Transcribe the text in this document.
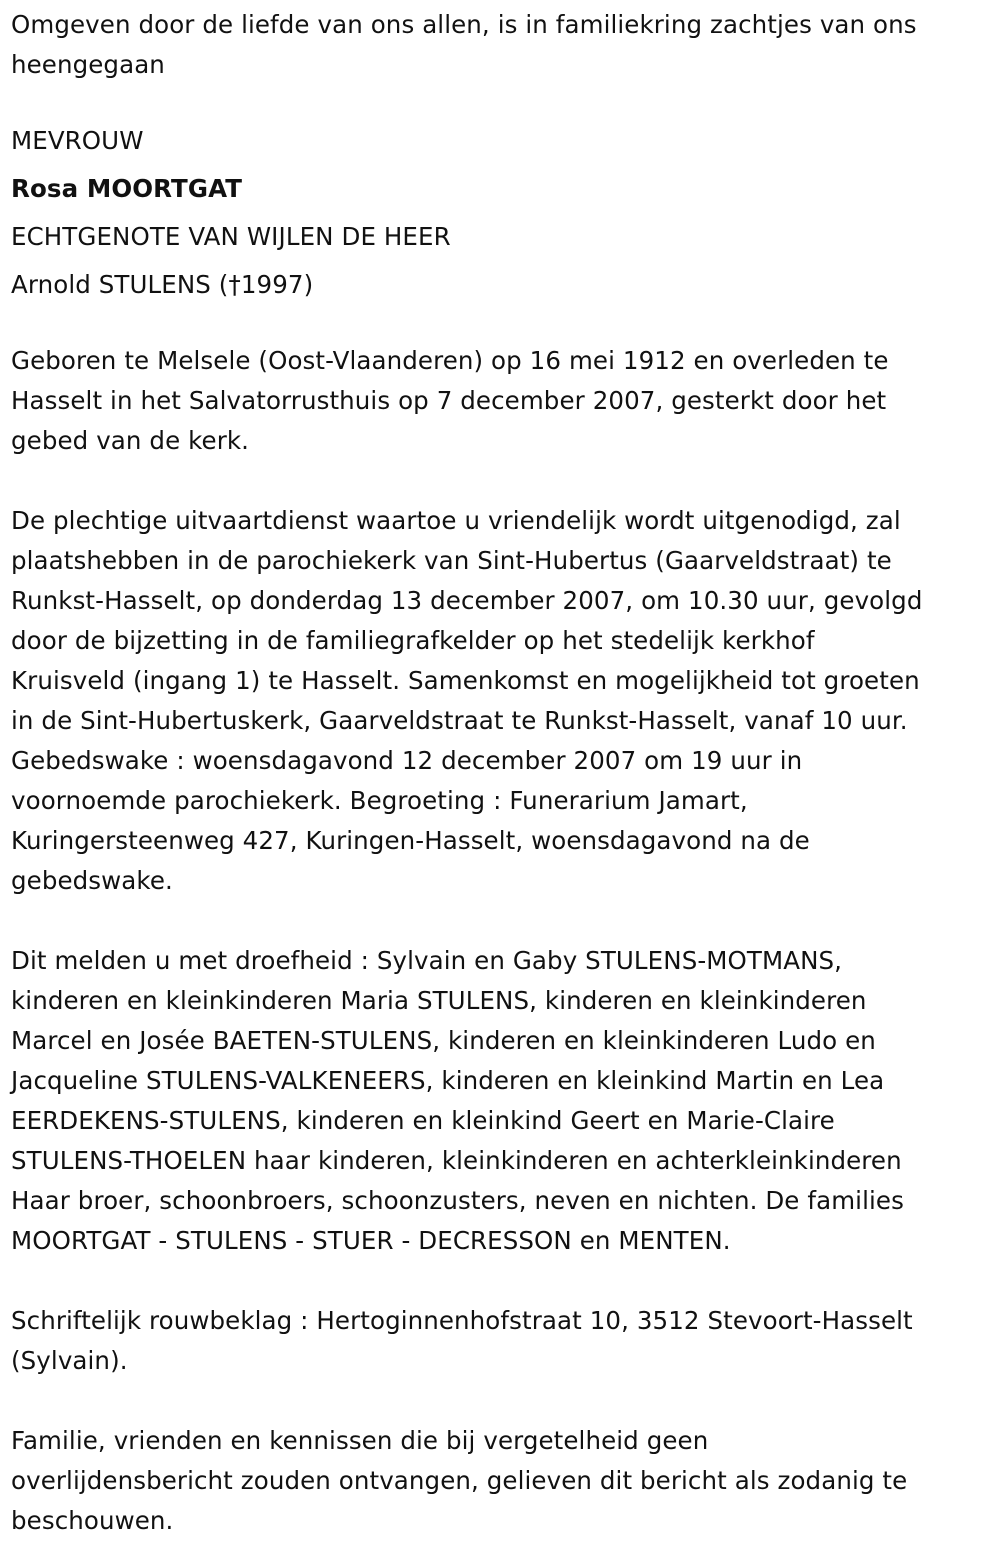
Omgeven door de liefde van ons allen, is in familiekring zachtjes van ons
heengegaan

MEVROUW

Rosa MOORTGAT

ECHTGENOTE VAN WIJLEN DE HEER

Arnold STULENS (†1997)

Geboren te Melsele (Oost-Vlaanderen) op 16 mei 1912 en overleden te
Hasselt in het Salvatorrusthuis op 7 december 2007, gesterkt door het
gebed van de kerk.

De plechtige uitvaartdienst waartoe u vriendelijk wordt uitgenodigd, zal
plaatshebben in de parochiekerk van Sint-Hubertus (Gaarveldstraat) te
Runkst-Hasselt, op donderdag 13 december 2007, om 10.30 uur, gevolgd
door de bijzetting in de familiegrafkelder op het stedelijk kerkhof
Kruisveld (ingang 1) te Hasselt. Samenkomst en mogelijkheid tot groeten
in de Sint-Hubertuskerk, Gaarveldstraat te Runkst-Hasselt, vanaf 10 uur.
Gebedswake : woensdagavond 12 december 2007 om 19 uur in
voornoemde parochiekerk. Begroeting : Funerarium Jamart,
Kuringersteenweg 427, Kuringen-Hasselt, woensdagavond na de
gebedswake.

Dit melden u met droefheid : Sylvain en Gaby STULENS-MOTMANS,
kinderen en kleinkinderen Maria STULENS, kinderen en kleinkinderen
Marcel en Josée BAETEN-STULENS, kinderen en kleinkinderen Ludo en
Jacqueline STULENS-VALKENEERS, kinderen en kleinkind Martin en Lea
EERDEKENS-STULENS, kinderen en kleinkind Geert en Marie-Claire
STULENS-THOELEN haar kinderen, kleinkinderen en achterkleinkinderen
Haar broer, schoonbroers, schoonzusters, neven en nichten. De families
MOORTGAT - STULENS - STUER - DECRESSON en MENTEN.

Schriftelijk rouwbeklag : Hertoginnenhofstraat 10, 3512 Stevoort-Hasselt
(Sylvain).

Familie, vrienden en kennissen die bij vergetelheid geen
overlijdensbericht zouden ontvangen, gelieven dit bericht als zodanig te
beschouwen.
